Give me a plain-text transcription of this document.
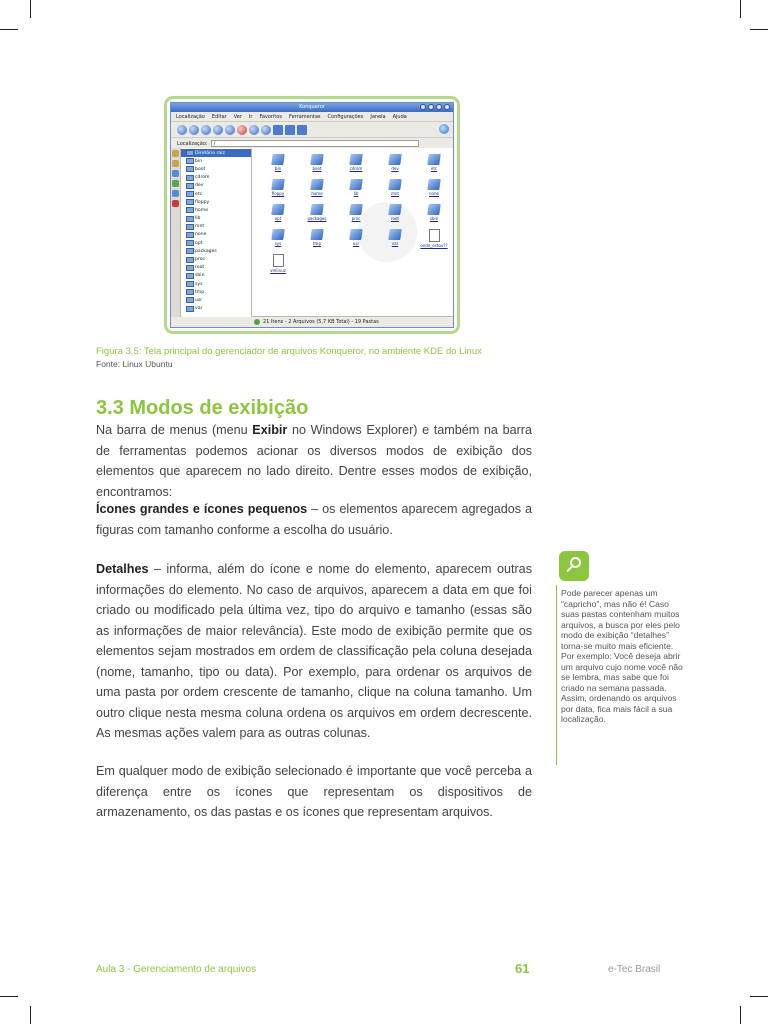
Konqueror
Localização Editar Ver Ir Favoritos Ferramentas Configurações Janela Ajuda
Localização:	/
Diretório raiz
bin
boot
cdrom
dev
etc
floppy
home
lib
mnt
none
opt
packages
proc
root
sbin
sys
tmp
usr
var
bin	boot	cdrom	dev	etc
floppy	home	lib	mnt	none
opt	packages	proc	root	sbin
sys	tmp	usr	var	onde_estou??
vmlinuz
21 Itens - 2 Arquivos (5,7 KB Total) - 19 Pastas
Figura 3.5: Tela principal do gerenciador de arquivos Konqueror, no ambiente KDE do Linux
Fonte: Linux Ubuntu
3.3 Modos de exibição
Na barra de menus (menu Exibir no Windows Explorer) e também na barra de ferramentas podemos acionar os diversos modos de exibição dos elementos que aparecem no lado direito. Dentre esses modos de exibição, encontramos:
Ícones grandes e ícones pequenos – os elementos aparecem agregados a figuras com tamanho conforme a escolha do usuário.
Detalhes – informa, além do ícone e nome do elemento, aparecem outras informações do elemento. No caso de arquivos, aparecem a data em que foi criado ou modificado pela última vez, tipo do arquivo e tamanho (essas são as informações de maior relevância). Este modo de exibição permite que os elementos sejam mostrados em ordem de classificação pela coluna desejada (nome, tamanho, tipo ou data). Por exemplo, para ordenar os arquivos de uma pasta por ordem crescente de tamanho, clique na coluna tamanho. Um outro clique nesta mesma coluna ordena os arquivos em ordem decrescente. As mesmas ações valem para as outras colunas.
Em qualquer modo de exibição selecionado é importante que você perceba a diferença entre os ícones que representam os dispositivos de armazenamento, os das pastas e os ícones que representam arquivos.
Pode parecer apenas um “capricho”, mas não é! Caso suas pastas contenham muitos arquivos, a busca por eles pelo modo de exibição “detalhes” torna-se muito mais eficiente. Por exemplo: Você deseja abrir um arquivo cujo nome você não se lembra, mas sabe que foi criado na semana passada. Assim, ordenando os arquivos por data, fica mais fácil a sua localização.
Aula 3 - Gerenciamento de arquivos	61	e-Tec Brasil
